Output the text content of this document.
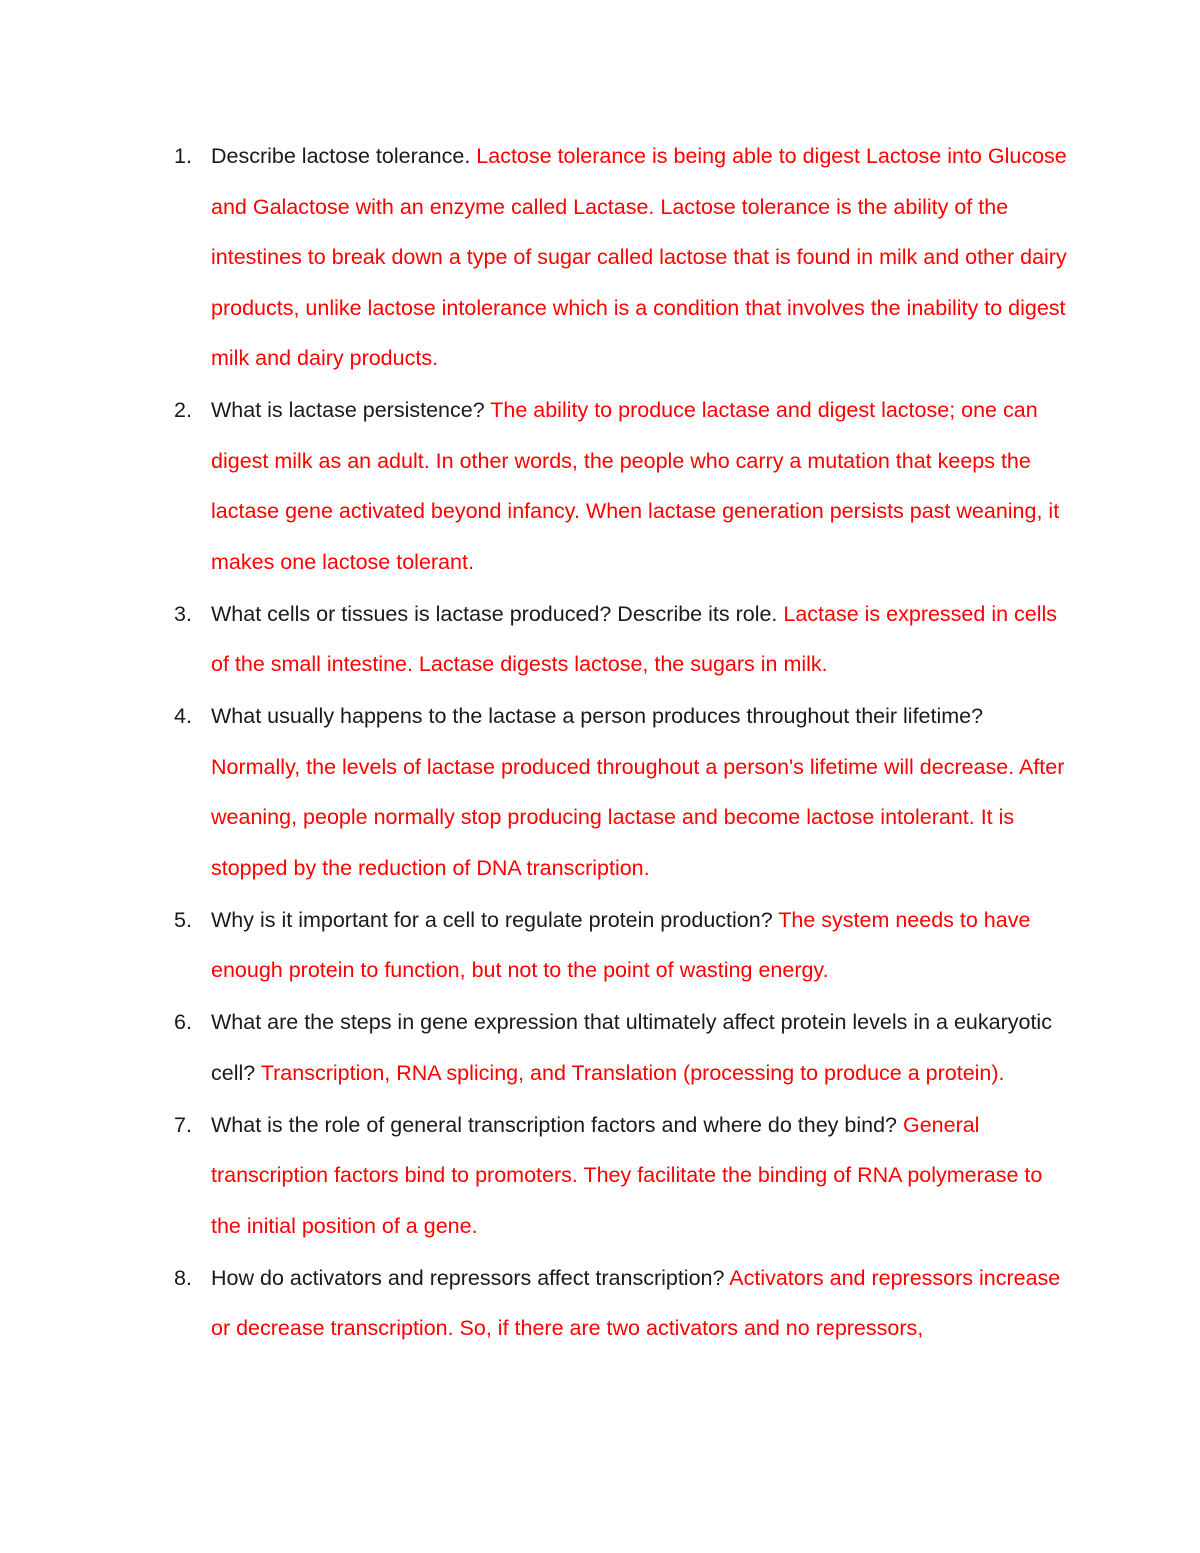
1. Describe lactose tolerance. Lactose tolerance is being able to digest Lactose into Glucose and Galactose with an enzyme called Lactase. Lactose tolerance is the ability of the intestines to break down a type of sugar called lactose that is found in milk and other dairy products, unlike lactose intolerance which is a condition that involves the inability to digest milk and dairy products.
2. What is lactase persistence? The ability to produce lactase and digest lactose; one can digest milk as an adult. In other words, the people who carry a mutation that keeps the lactase gene activated beyond infancy. When lactase generation persists past weaning, it makes one lactose tolerant.
3. What cells or tissues is lactase produced? Describe its role. Lactase is expressed in cells of the small intestine. Lactase digests lactose, the sugars in milk.
4. What usually happens to the lactase a person produces throughout their lifetime? Normally, the levels of lactase produced throughout a person's lifetime will decrease. After weaning, people normally stop producing lactase and become lactose intolerant. It is stopped by the reduction of DNA transcription.
5. Why is it important for a cell to regulate protein production? The system needs to have enough protein to function, but not to the point of wasting energy.
6. What are the steps in gene expression that ultimately affect protein levels in a eukaryotic cell? Transcription, RNA splicing, and Translation (processing to produce a protein).
7. What is the role of general transcription factors and where do they bind? General transcription factors bind to promoters. They facilitate the binding of RNA polymerase to the initial position of a gene.
8. How do activators and repressors affect transcription? Activators and repressors increase or decrease transcription. So, if there are two activators and no repressors,
